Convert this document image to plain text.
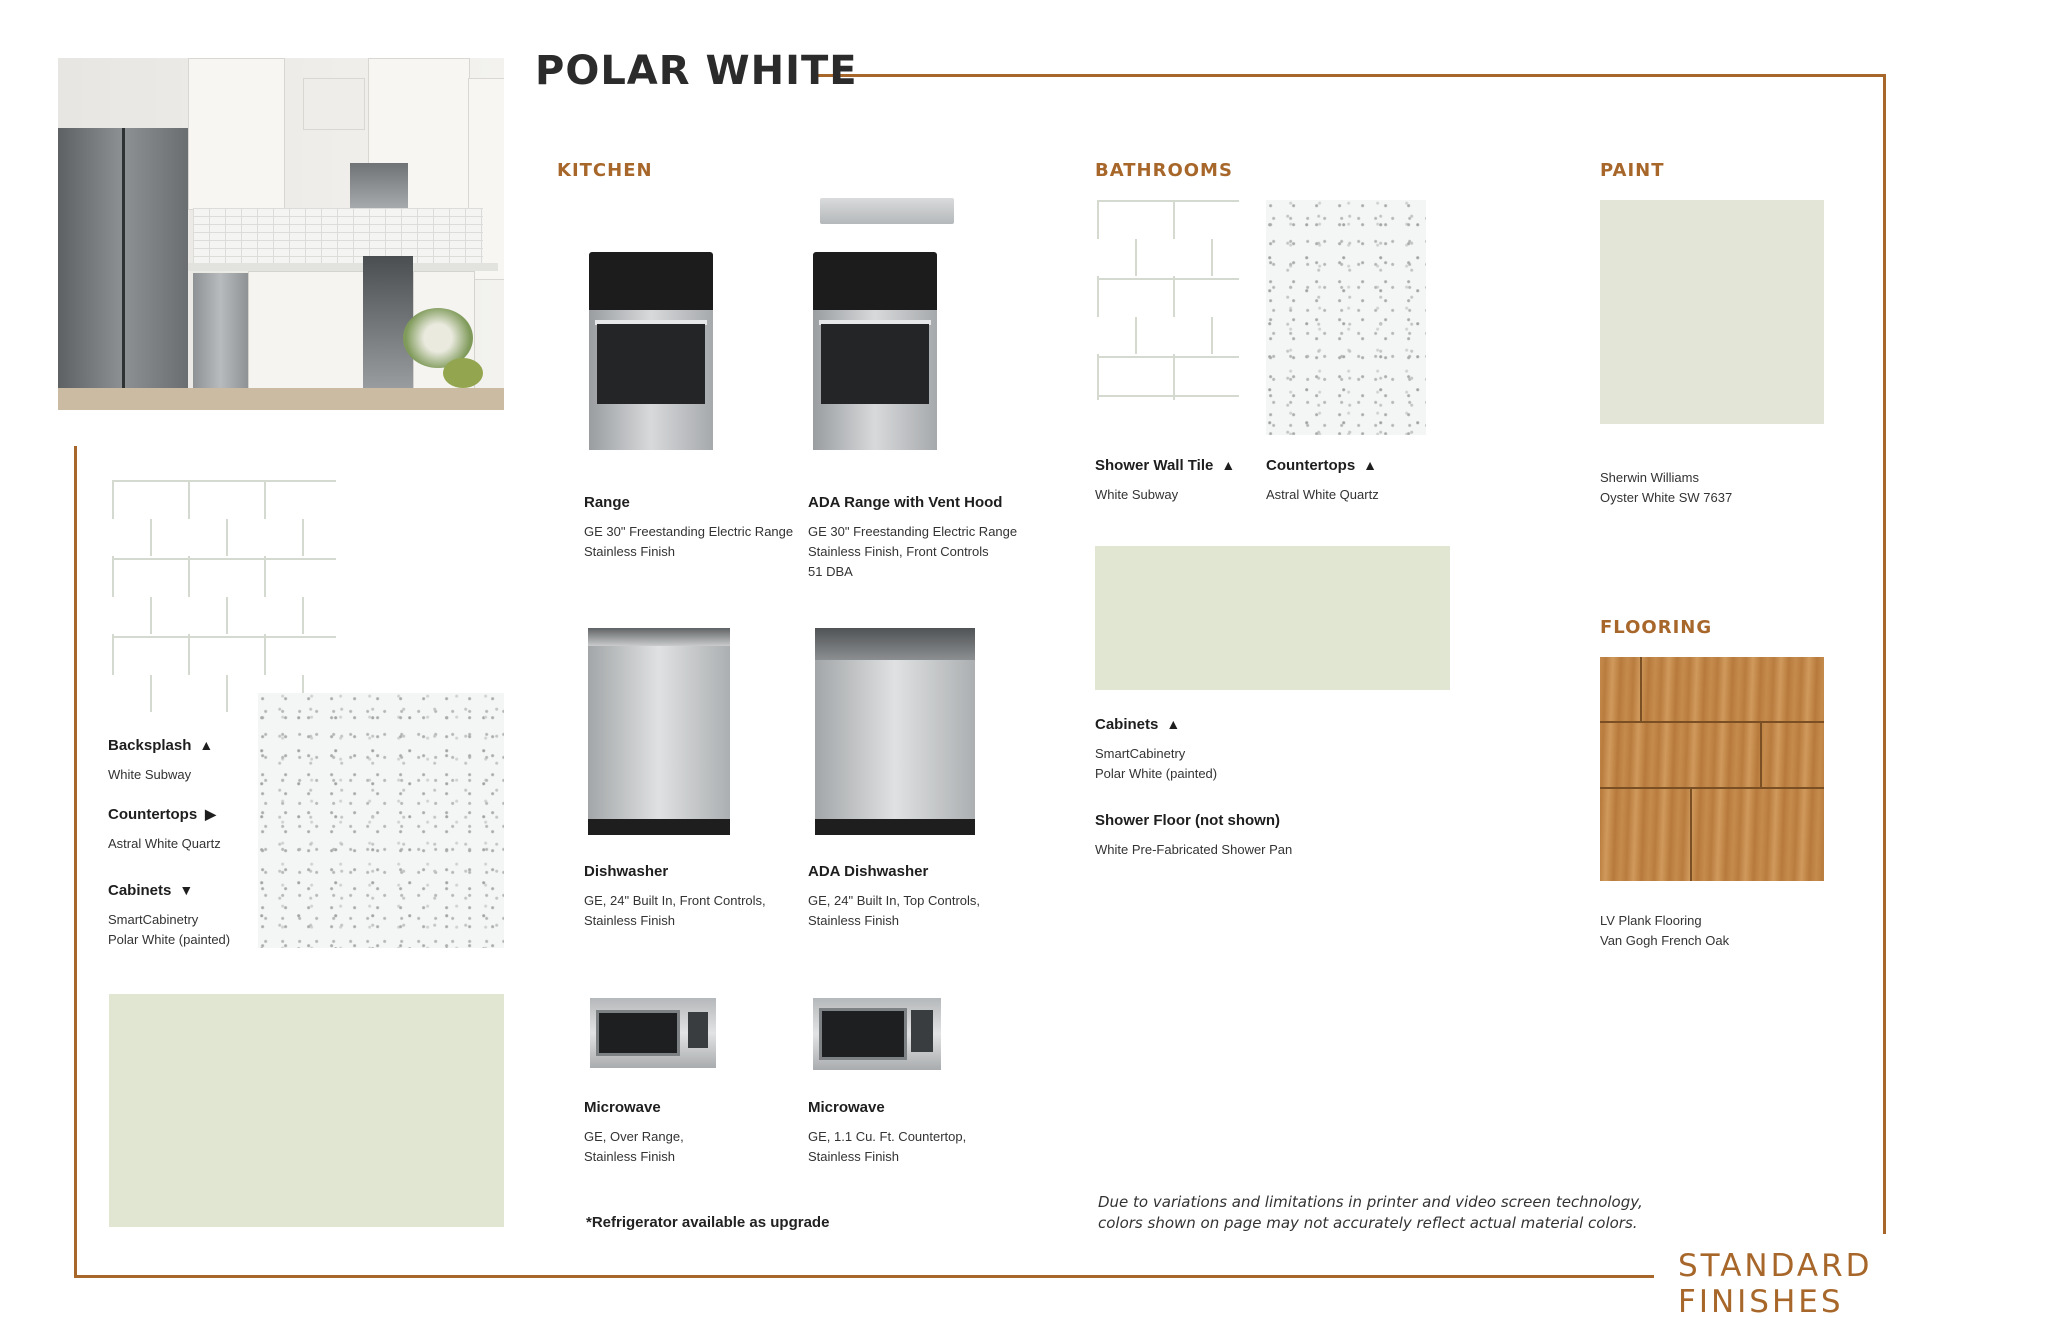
POLAR WHITE
Backsplash ▲
White Subway
Countertops ▶
Astral White Quartz
Cabinets ▼
SmartCabinetry
Polar White (painted)
KITCHEN
Range
GE 30" Freestanding Electric Range
Stainless Finish
ADA Range with Vent Hood
GE 30" Freestanding Electric Range
Stainless Finish, Front Controls
51 DBA
Dishwasher
GE, 24" Built In, Front Controls,
Stainless Finish
ADA Dishwasher
GE, 24" Built In, Top Controls,
Stainless Finish
Microwave
GE, Over Range,
Stainless Finish
Microwave
GE, 1.1 Cu. Ft. Countertop,
Stainless Finish
*Refrigerator available as upgrade
BATHROOMS
Shower Wall Tile ▲
White Subway
Countertops ▲
Astral White Quartz
Cabinets ▲
SmartCabinetry
Polar White (painted)
Shower Floor (not shown)
White Pre-Fabricated Shower Pan
PAINT
Sherwin Williams
Oyster White SW 7637
FLOORING
LV Plank Flooring
Van Gogh French Oak
Due to variations and limitations in printer and video screen technology,
colors shown on page may not accurately reflect actual material colors.
STANDARD FINISHES
